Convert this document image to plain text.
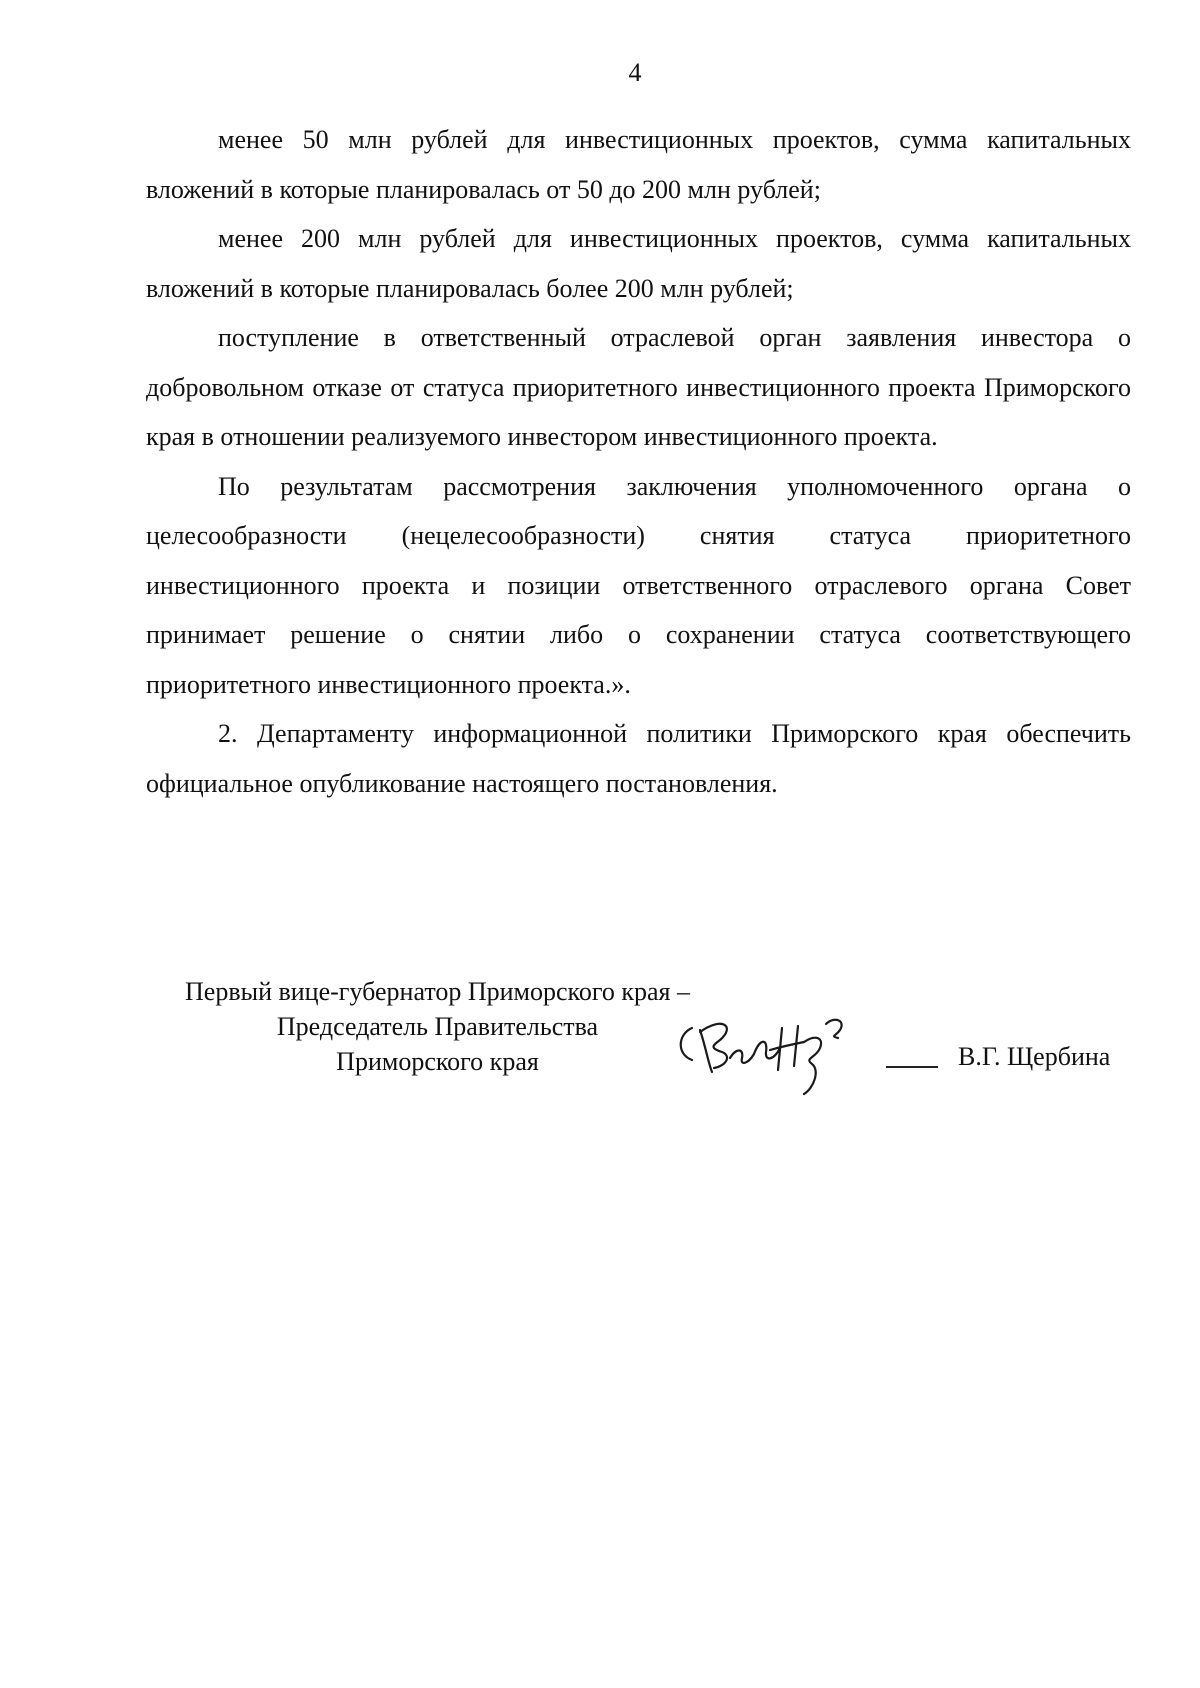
4

менее 50 млн рублей для инвестиционных проектов, сумма капитальных вложений в которые планировалась от 50 до 200 млн рублей;

менее 200 млн рублей для инвестиционных проектов, сумма капитальных вложений в которые планировалась более 200 млн рублей;

поступление в ответственный отраслевой орган заявления инвестора о добровольном отказе от статуса приоритетного инвестиционного проекта Приморского края в отношении реализуемого инвестором инвестиционного проекта.

По результатам рассмотрения заключения уполномоченного органа о целесообразности (нецелесообразности) снятия статуса приоритетного инвестиционного проекта и позиции ответственного отраслевого органа Совет принимает решение о снятии либо о сохранении статуса соответствующего приоритетного инвестиционного проекта.».

2. Департаменту информационной политики Приморского края обеспечить официальное опубликование настоящего постановления.

Первый вице-губернатор Приморского края –
Председатель Правительства
Приморского края	В.Г. Щербина
